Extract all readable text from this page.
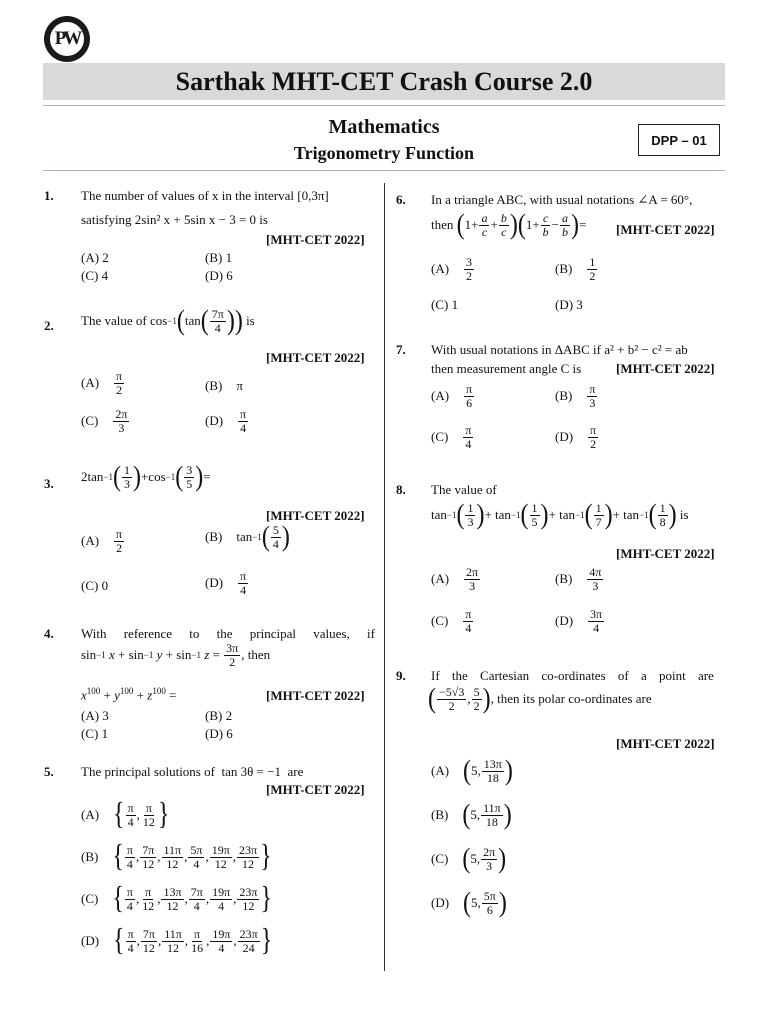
PW
Sarthak MHT-CET Crash Course 2.0
Mathematics
Trigonometry Function
DPP – 01
1. The number of values of x in the interval [0,3π]
satisfying 2sin² x + 5sin x − 3 = 0 is
[MHT-CET 2022]
(A) 2	(B) 1
(C) 4	(D) 6
2. The value of cos −1 ( tan ( $\frac{7\pi}{4}$ ) )
is
[MHT-CET 2022]
$(A) \frac{\pi}{2}$	(B) π
$(C) \frac{2\pi}{3}$	$(D) \frac{\pi}{4}$
3. 2tan −1 ( $\frac{1}{3}$ ) +cos −1 ( $\frac{3}{5}$ ) =
[MHT-CET 2022]
$(A) \frac{\pi}{2}$	(B) tan −1 ( $\frac{5}{4}$ )
(C) 0	$(D) \frac{\pi}{4}$
4. With reference to the principal values, if
sin −1
x + sin −1
y + sin −1
$z = \frac{3\pi}{2}$ , then
$x^{100} + y^{100} + z^{100}$ =	[MHT-CET 2022]
(A) 3	(B) 2
(C) 1	(D) 6
5. The principal solutions of tan 3θ = −1 are
[MHT-CET 2022]
(A) { $\frac{\pi}{4}$ , $\frac{\pi}{12}$ }
(B) { $\frac{\pi}{4}$ , $\frac{7\pi}{12}$ , $\frac{11\pi}{12}$ , $\frac{5\pi}{4}$ , $\frac{19\pi}{12}$ , $\frac{23\pi}{12}$ }
(C) { $\frac{\pi}{4}$ , $\frac{\pi}{12}$ , $\frac{13\pi}{12}$ , $\frac{7\pi}{4}$ , $\frac{19\pi}{4}$ , $\frac{23\pi}{12}$ }
(D) { $\frac{\pi}{4}$ , $\frac{7\pi}{12}$ , $\frac{11\pi}{12}$ , $\frac{\pi}{16}$ , $\frac{19\pi}{4}$ , $\frac{23\pi}{24}$ }
6. In a triangle ABC, with usual notations ∠A = 60°,
then
( $1+ \frac{a}{c} + \frac{b}{c}$ ) ( $1+ \frac{c}{b} - \frac{a}{b}$ ) = [MHT-CET 2022]
$(A) \frac{3}{2}$	$(B) \frac{1}{2}$
(C) 1	(D) 3
7. With usual notations in ΔABC if a² + b² − c² = ab
then measurement angle C is	[MHT-CET 2022]
$(A) \frac{\pi}{6}$	$(B) \frac{\pi}{3}$
$(C) \frac{\pi}{4}$	$(D) \frac{\pi}{2}$
8. The value of
tan −1 ( $\frac{1}{3}$ ) + tan −1 ( $\frac{1}{5}$ ) + tan −1 ( $\frac{1}{7}$ ) + tan −1 ( $\frac{1}{8}$ )
is
[MHT-CET 2022]
$(A) \frac{2\pi}{3}$	$(B) \frac{4\pi}{3}$
$(C) \frac{\pi}{4}$	$(D) \frac{3\pi}{4}$
9. If the Cartesian co-ordinates of a point are
( $\frac{-5√3}{2}$ , $\frac{5}{2}$ ) , then its polar co-ordinates are
[MHT-CET 2022]
(A) ( 5, $\frac{13\pi}{18}$ )
(B) ( 5, $\frac{11\pi}{18}$ )
(C) ( 5, $\frac{2\pi}{3}$ )
(D) ( 5, $\frac{5\pi}{6}$ )
